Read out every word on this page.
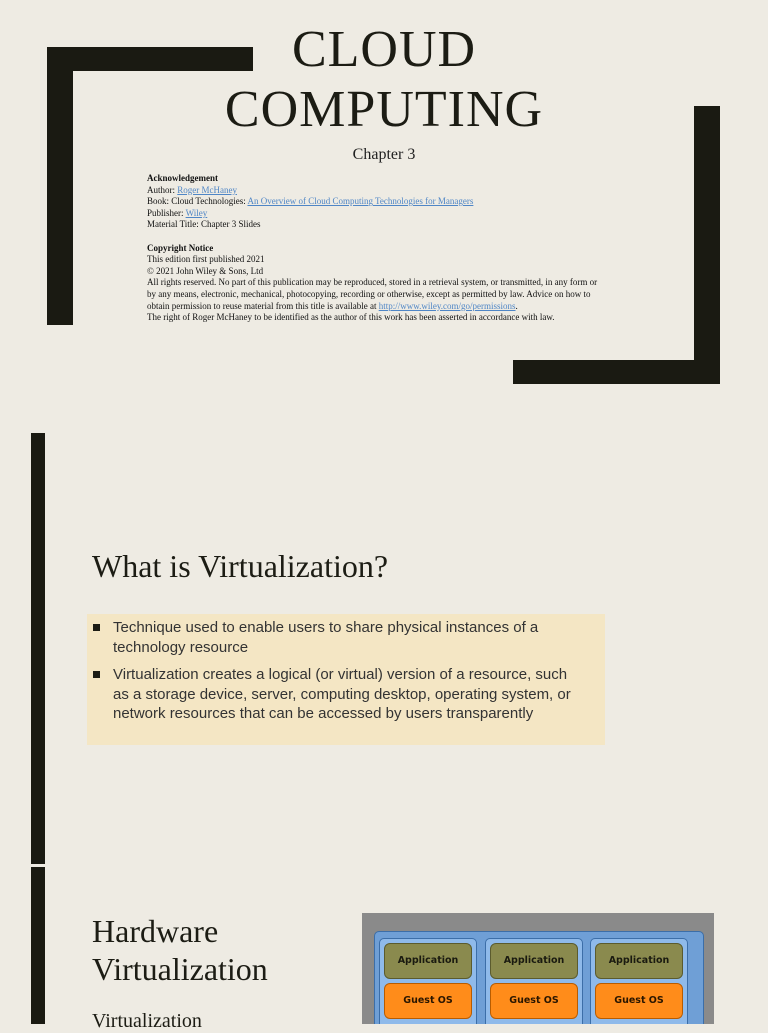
CLOUD
COMPUTING
Chapter 3
Acknowledgement
Author: Roger McHaney
Book: Cloud Technologies: An Overview of Cloud Computing Technologies for Managers
Publisher: Wiley
Material Title: Chapter 3 Slides
Copyright Notice
This edition first published 2021
© 2021 John Wiley & Sons, Ltd
All rights reserved. No part of this publication may be reproduced, stored in a retrieval system, or transmitted, in any form or
by any means, electronic, mechanical, photocopying, recording or otherwise, except as permitted by law. Advice on how to
obtain permission to reuse material from this title is available at http://www.wiley.com/go/permissions.
The right of Roger McHaney to be identified as the author of this work has been asserted in accordance with law.
What is Virtualization?
Technique used to enable users to share physical instances of a
technology resource
Virtualization creates a logical (or virtual) version of a resource, such
as a storage device, server, computing desktop, operating system, or
network resources that can be accessed by users transparently
Hardware
Virtualization
Virtualization
Application
Guest OS
Application
Guest OS
Application
Guest OS
